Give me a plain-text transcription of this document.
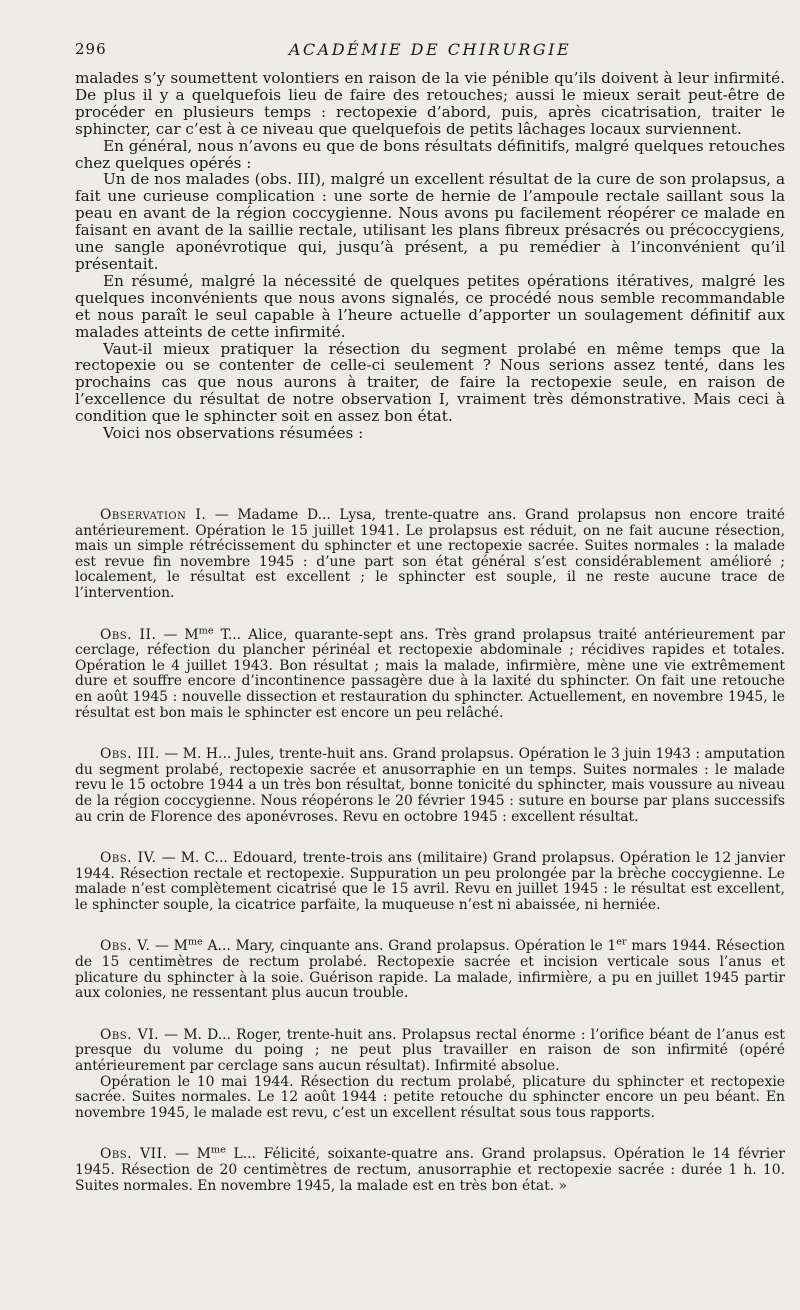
296	ACADÉMIE DE CHIRURGIE

malades s’y soumettent volontiers en raison de la vie pénible qu’ils doivent à leur infirmité. De plus il y a quelquefois lieu de faire des retouches; aussi le mieux serait peut-être de procéder en plusieurs temps : rectopexie d’abord, puis, après cicatrisation, traiter le sphincter, car c’est à ce niveau que quelquefois de petits lâchages locaux surviennent.

En général, nous n’avons eu que de bons résultats définitifs, malgré quelques retouches chez quelques opérés :

Un de nos malades (obs. III), malgré un excellent résultat de la cure de son prolapsus, a fait une curieuse complication : une sorte de hernie de l’ampoule rectale saillant sous la peau en avant de la région coccygienne. Nous avons pu facilement réopérer ce malade en faisant en avant de la saillie rectale, utilisant les plans fibreux présacrés ou précoccygiens, une sangle aponévrotique qui, jusqu’à présent, a pu remédier à l’inconvénient qu’il présentait.

En résumé, malgré la nécessité de quelques petites opérations itératives, malgré les quelques inconvénients que nous avons signalés, ce procédé nous semble recommandable et nous paraît le seul capable à l’heure actuelle d’apporter un soulagement définitif aux malades atteints de cette infirmité.

Vaut-il mieux pratiquer la résection du segment prolabé en même temps que la rectopexie ou se contenter de celle-ci seulement ? Nous serions assez tenté, dans les prochains cas que nous aurons à traiter, de faire la rectopexie seule, en raison de l’excellence du résultat de notre observation I, vraiment très démonstrative. Mais ceci à condition que le sphincter soit en assez bon état.

Voici nos observations résumées :

Observation I. — Madame D... Lysa, trente-quatre ans. Grand prolapsus non encore traité antérieurement. Opération le 15 juillet 1941. Le prolapsus est réduit, on ne fait aucune résection, mais un simple rétrécissement du sphincter et une rectopexie sacrée. Suites normales : la malade est revue fin novembre 1945 : d’une part son état général s’est considérablement amélioré ; localement, le résultat est excellent ; le sphincter est souple, il ne reste aucune trace de l’intervention.

Obs. II. — $M^{me}$ T... Alice, quarante-sept ans. Très grand prolapsus traité antérieurement par cerclage, réfection du plancher périnéal et rectopexie abdominale ; récidives rapides et totales. Opération le 4 juillet 1943. Bon résultat ; mais la malade, infirmière, mène une vie extrêmement dure et souffre encore d’incontinence passagère due à la laxité du sphincter. On fait une retouche en août 1945 : nouvelle dissection et restauration du sphincter. Actuellement, en novembre 1945, le résultat est bon mais le sphincter est encore un peu relâché.

Obs. III. — M. H... Jules, trente-huit ans. Grand prolapsus. Opération le 3 juin 1943 : amputation du segment prolabé, rectopexie sacrée et anusorraphie en un temps. Suites normales : le malade revu le 15 octobre 1944 a un très bon résultat, bonne tonicité du sphincter, mais voussure au niveau de la région coccygienne. Nous réopérons le 20 février 1945 : suture en bourse par plans successifs au crin de Florence des aponévroses. Revu en octobre 1945 : excellent résultat.

Obs. IV. — M. C... Edouard, trente-trois ans (militaire) Grand prolapsus. Opération le 12 janvier 1944. Résection rectale et rectopexie. Suppuration un peu prolongée par la brèche coccygienne. Le malade n’est complètement cicatrisé que le 15 avril. Revu en juillet 1945 : le résultat est excellent, le sphincter souple, la cicatrice parfaite, la muqueuse n’est ni abaissée, ni herniée.

Obs. V. — $M^{me}$ A... Mary, cinquante ans. Grand prolapsus. Opération le 1er mars 1944. Résection de 15 centimètres de rectum prolabé. Rectopexie sacrée et incision verticale sous l’anus et plicature du sphincter à la soie. Guérison rapide. La malade, infirmière, a pu en juillet 1945 partir aux colonies, ne ressentant plus aucun trouble.

Obs. VI. — M. D... Roger, trente-huit ans. Prolapsus rectal énorme : l’orifice béant de l’anus est presque du volume du poing ; ne peut plus travailler en raison de son infirmité (opéré antérieurement par cerclage sans aucun résultat). Infirmité absolue.
Opération le 10 mai 1944. Résection du rectum prolabé, plicature du sphincter et rectopexie sacrée. Suites normales. Le 12 août 1944 : petite retouche du sphincter encore un peu béant. En novembre 1945, le malade est revu, c’est un excellent résultat sous tous rapports.

Obs. VII. — $M^{me}$ L... Félicité, soixante-quatre ans. Grand prolapsus. Opération le 14 février 1945. Résection de 20 centimètres de rectum, anusorraphie et rectopexie sacrée : durée 1 h. 10. Suites normales. En novembre 1945, la malade est en très bon état. »
